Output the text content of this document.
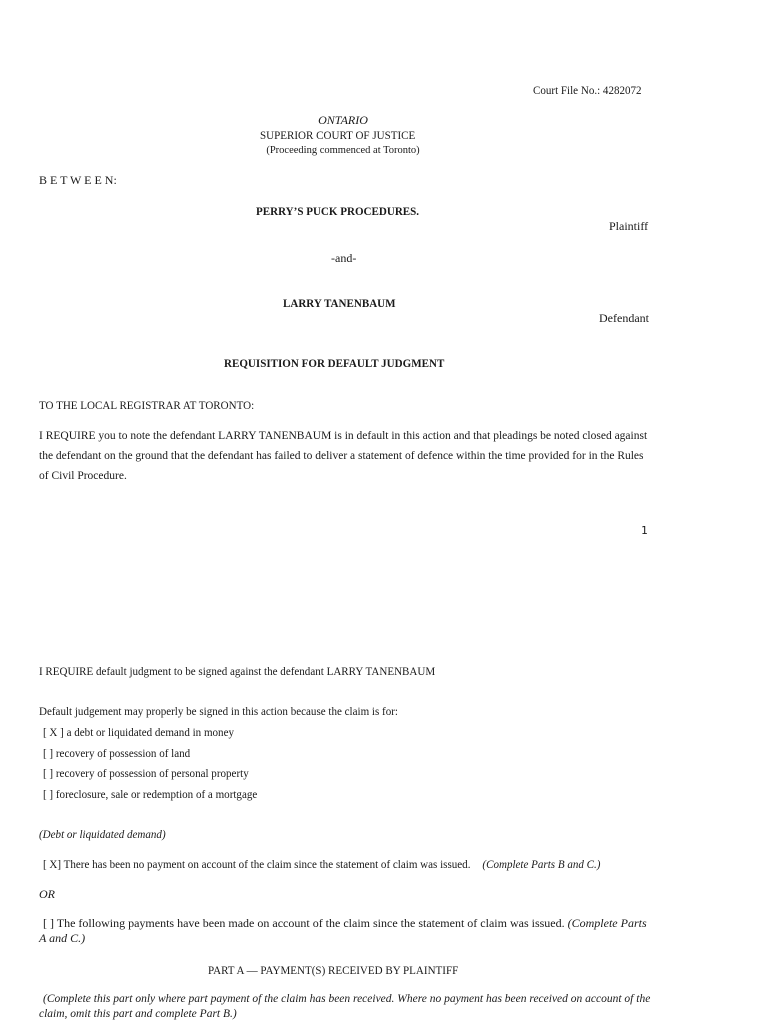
Court File No.: 4282072
ONTARIO
SUPERIOR COURT OF JUSTICE
(Proceeding commenced at Toronto)
B E T W E E N:
PERRY’S PUCK PROCEDURES.
Plaintiff
-and-
LARRY TANENBAUM
Defendant
REQUISITION FOR DEFAULT JUDGMENT
TO THE LOCAL REGISTRAR AT TORONTO:
I REQUIRE you to note the defendant LARRY TANENBAUM is in default in this action and that pleadings be noted closed against the defendant on the ground that the defendant has failed to deliver a statement of defence within the time provided for in the Rules of Civil Procedure.
1
I REQUIRE default judgment to be signed against the defendant LARRY TANENBAUM
Default judgement may properly be signed in this action because the claim is for:
[ X ] a debt or liquidated demand in money
[ ] recovery of possession of land
[ ] recovery of possession of personal property
[ ] foreclosure, sale or redemption of a mortgage
(Debt or liquidated demand)
[ X] There has been no payment on account of the claim since the statement of claim was issued. (Complete Parts B and C.)
OR
[ ] The following payments have been made on account of the claim since the statement of claim was issued. (Complete Parts A and C.)
PART A — PAYMENT(S) RECEIVED BY PLAINTIFF
(Complete this part only where part payment of the claim has been received. Where no payment has been received on account of the claim, omit this part and complete Part B.)
